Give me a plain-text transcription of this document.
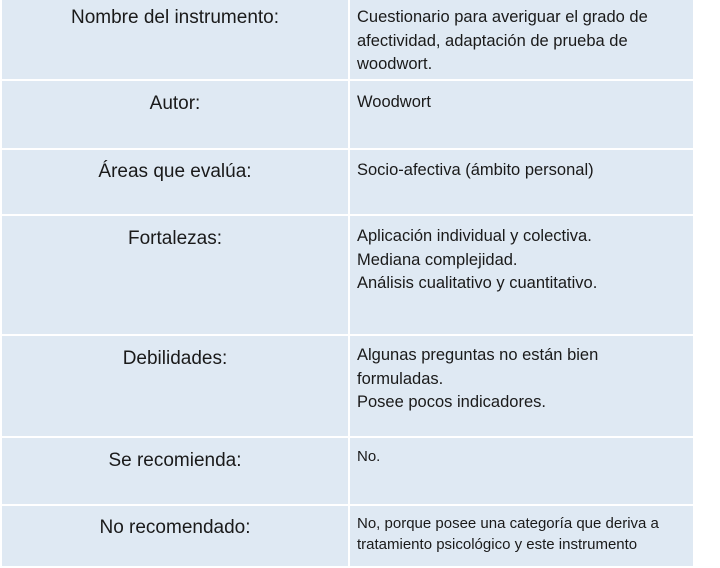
Nombre del instrumento:	Cuestionario para averiguar el grado de
afectividad, adaptación de prueba de
woodwort.

Autor:	Woodwort

Áreas que evalúa:	Socio-afectiva (ámbito personal)

Fortalezas:	Aplicación individual y colectiva.
Mediana complejidad.
Análisis cualitativo y cuantitativo.

Debilidades:	Algunas preguntas no están bien
formuladas.
Posee pocos indicadores.

Se recomienda:	No.

No recomendado:	No, porque posee una categoría que deriva a
tratamiento psicológico y este instrumento
